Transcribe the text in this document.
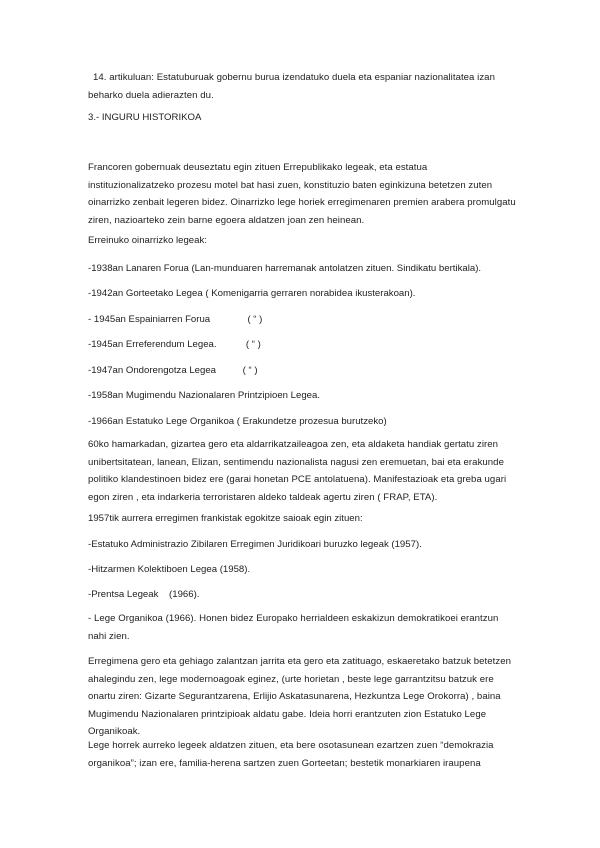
14. artikuluan: Estatuburuak gobernu burua izendatuko duela eta espaniar nazionalitatea izan beharko duela adierazten du.

3.- INGURU HISTORIKOA

Francoren gobernuak deuseztatu egin zituen Errepublikako legeak, eta estatua instituzionalizatzeko prozesu motel bat hasi zuen, konstituzio baten eginkizuna betetzen zuten oinarrizko zenbait legeren bidez. Oinarrizko lege horiek erregimenaren premien arabera promulgatu ziren, nazioarteko zein barne egoera aldatzen joan zen heinean.

Erreinuko oinarrizko legeak:

-1938an Lanaren Forua (Lan-munduaren harremanak antolatzen zituen. Sindikatu bertikala).

-1942an Gorteetako Legea ( Komenigarria gerraren norabidea ikusterakoan).

- 1945an Espainiarren Forua              ( “ )

-1945an Erreferendum Legea.           ( “ )

-1947an Ondorengotza Legea          ( “ )

-1958an Mugimendu Nazionalaren Printzipioen Legea.

-1966an Estatuko Lege Organikoa ( Erakundetze prozesua burutzeko)

60ko hamarkadan, gizartea gero eta aldarrikatzaileagoa zen, eta aldaketa handiak gertatu ziren unibertsitatean, lanean, Elizan, sentimendu nazionalista nagusi zen eremuetan, bai eta erakunde politiko klandestinoen bidez ere (garai honetan PCE antolatuena). Manifestazioak eta greba ugari egon ziren , eta indarkeria terroristaren aldeko taldeak agertu ziren ( FRAP, ETA).

1957tik aurrera erregimen frankistak egokitze saioak egin zituen:

-Estatuko Administrazio Zibilaren Erregimen Juridikoari buruzko legeak (1957).

-Hitzarmen Kolektiboen Legea (1958).

-Prentsa Legeak    (1966).

- Lege Organikoa (1966). Honen bidez Europako herrialdeen eskakizun demokratikoei erantzun nahi zien.

Erregimena gero eta gehiago zalantzan jarrita eta gero eta zatituago, eskaeretako batzuk betetzen ahalegindu zen, lege modernoagoak eginez, (urte horietan , beste lege garrantzitsu batzuk ere onartu ziren: Gizarte Segurantzarena, Erlijio Askatasunarena, Hezkuntza Lege Orokorra) , baina Mugimendu Nazionalaren printzipioak aldatu gabe. Ideia horri erantzuten zion Estatuko Lege Organikoak.

Lege horrek aurreko legeek aldatzen zituen, eta bere osotasunean ezartzen zuen “demokrazia organikoa”; izan ere, familia-herena sartzen zuen Gorteetan; bestetik monarkiaren iraupena
